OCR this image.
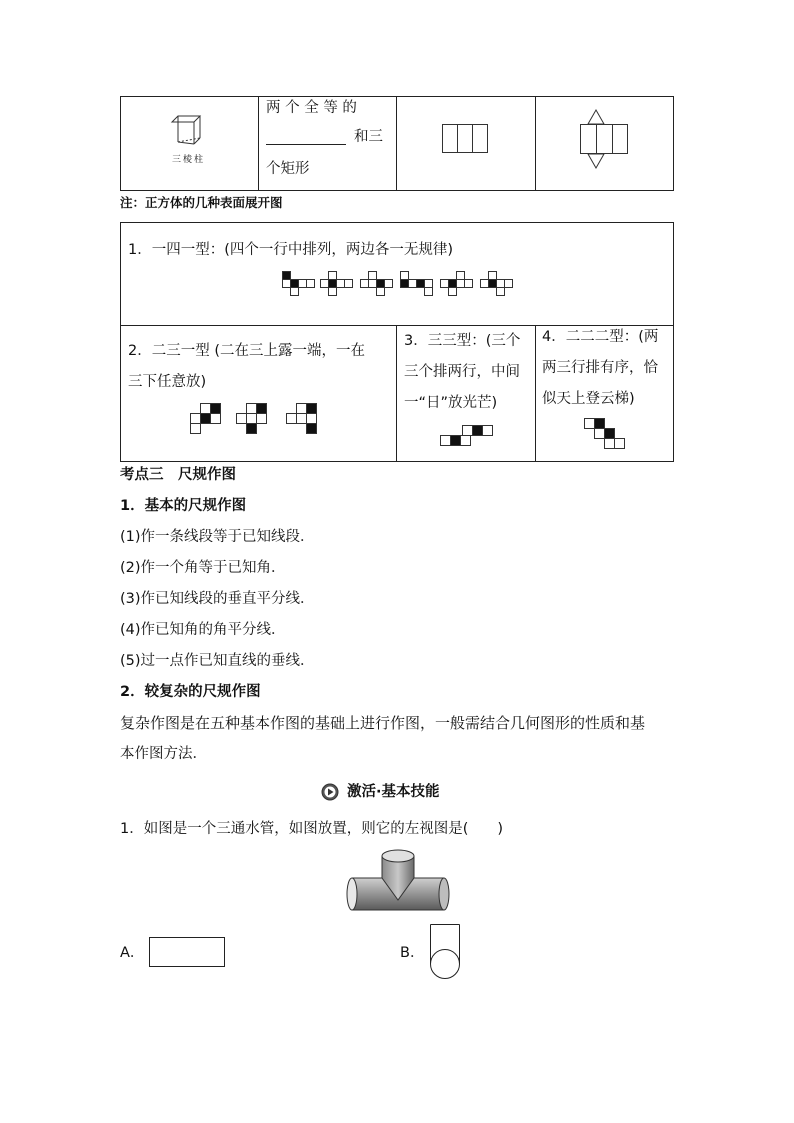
三棱柱
两 个 全 等 的
和三
个矩形
注：正方体的几种表面展开图
1．一四一型：(四个一行中排列，两边各一无规律)
2．二三一型 (二在三上露一端，一在
三下任意放)
3．三三型：(三个
三个排两行，中间
一“日”放光芒)
4．二二二型：(两
两三行排有序，恰
似天上登云梯)
考点三　尺规作图
1．基本的尺规作图
(1)作一条线段等于已知线段．
(2)作一个角等于已知角．
(3)作已知线段的垂直平分线．
(4)作已知角的角平分线．
(5)过一点作已知直线的垂线．
2．较复杂的尺规作图
复杂作图是在五种基本作图的基础上进行作图，一般需结合几何图形的性质和基
本作图方法．
激活·基本技能
1．如图是一个三通水管，如图放置，则它的左视图是(　　)
A．	B．
